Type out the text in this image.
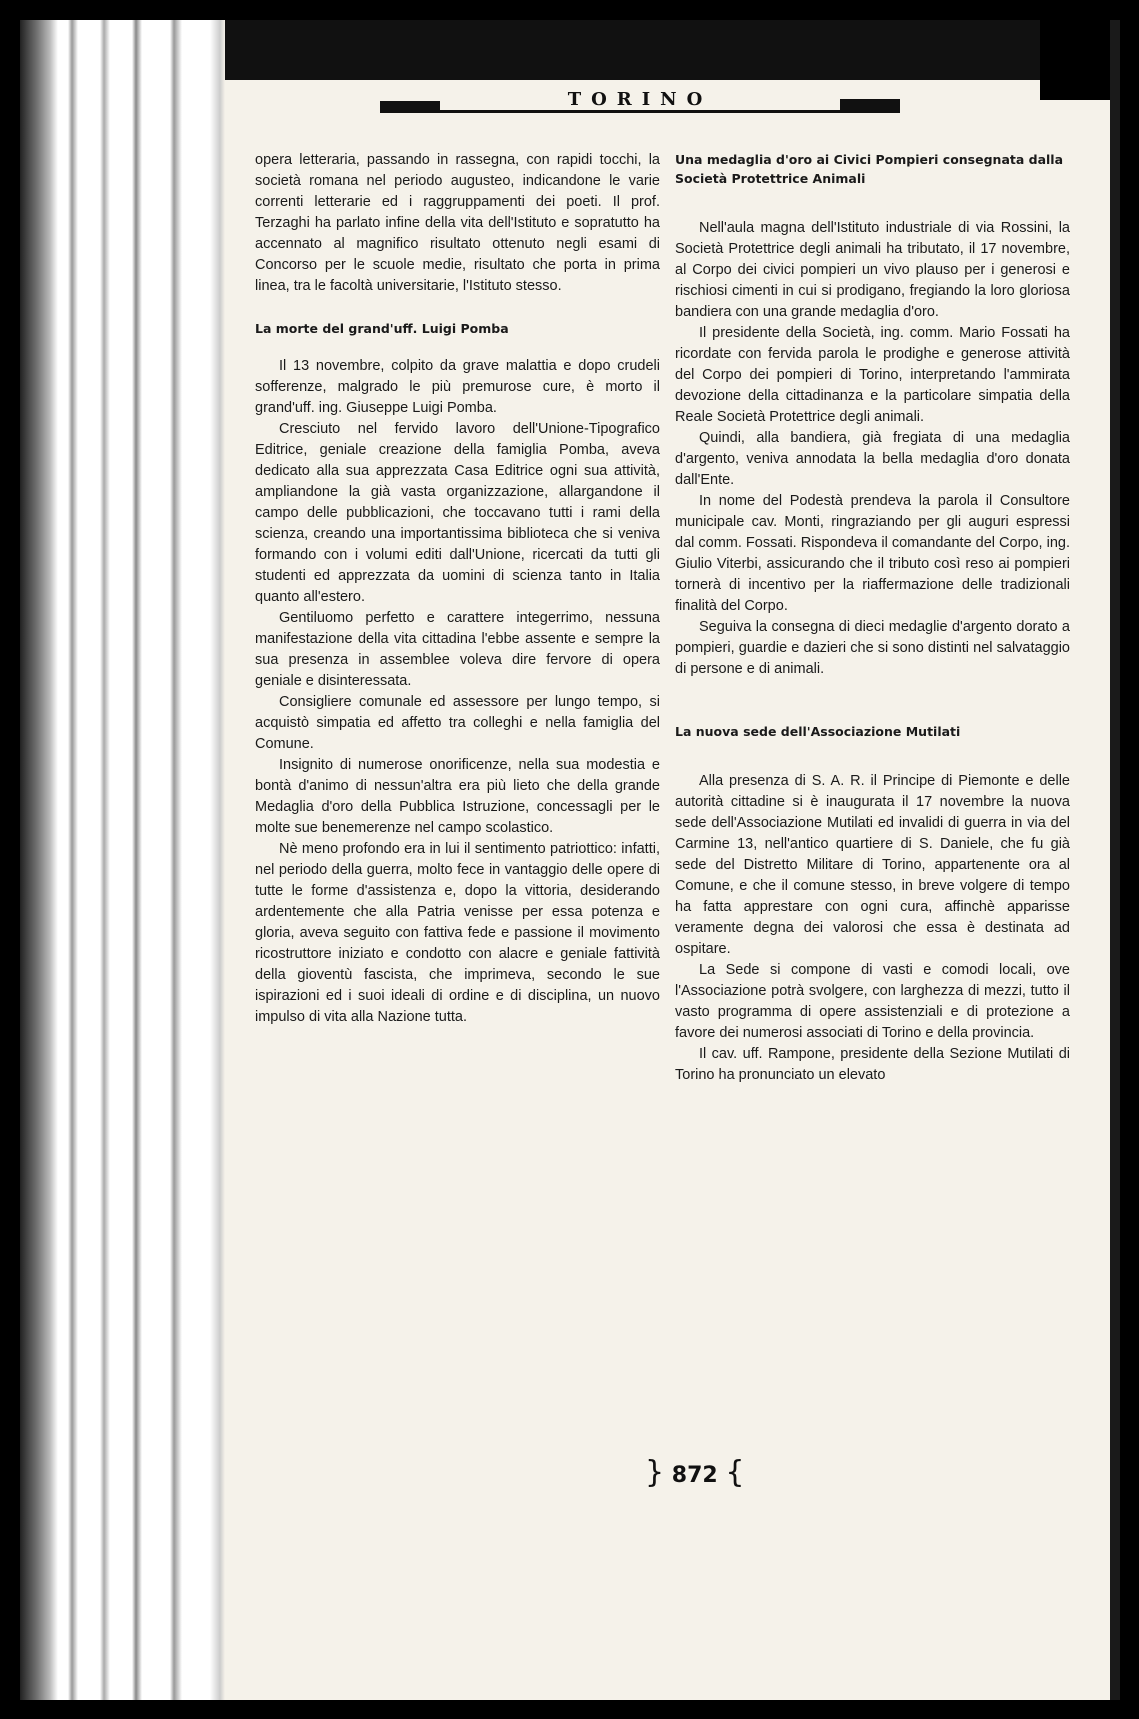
TORINO

opera letteraria, passando in rassegna, con rapidi tocchi, la società romana nel periodo augusteo, indicandone le varie correnti letterarie ed i raggruppamenti dei poeti. Il prof. Terzaghi ha parlato infine della vita dell'Istituto e sopratutto ha accennato al magnifico risultato ottenuto negli esami di Concorso per le scuole medie, risultato che porta in prima linea, tra le facoltà universitarie, l'Istituto stesso.

La morte del grand'uff. Luigi Pomba

Il 13 novembre, colpito da grave malattia e dopo crudeli sofferenze, malgrado le più premurose cure, è morto il grand'uff. ing. Giuseppe Luigi Pomba.

Cresciuto nel fervido lavoro dell'Unione-Tipografico Editrice, geniale creazione della famiglia Pomba, aveva dedicato alla sua apprezzata Casa Editrice ogni sua attività, ampliandone la già vasta organizzazione, allargandone il campo delle pubblicazioni, che toccavano tutti i rami della scienza, creando una importantissima biblioteca che si veniva formando con i volumi editi dall'Unione, ricercati da tutti gli studenti ed apprezzata da uomini di scienza tanto in Italia quanto all'estero.

Gentiluomo perfetto e carattere integerrimo, nessuna manifestazione della vita cittadina l'ebbe assente e sempre la sua presenza in assemblee voleva dire fervore di opera geniale e disinteressata.

Consigliere comunale ed assessore per lungo tempo, si acquistò simpatia ed affetto tra colleghi e nella famiglia del Comune.

Insignito di numerose onorificenze, nella sua modestia e bontà d'animo di nessun'altra era più lieto che della grande Medaglia d'oro della Pubblica Istruzione, concessagli per le molte sue benemerenze nel campo scolastico.

Nè meno profondo era in lui il sentimento patriottico: infatti, nel periodo della guerra, molto fece in vantaggio delle opere di tutte le forme d'assistenza e, dopo la vittoria, desiderando ardentemente che alla Patria venisse per essa potenza e gloria, aveva seguito con fattiva fede e passione il movimento ricostruttore iniziato e condotto con alacre e geniale fattività della gioventù fascista, che imprimeva, secondo le sue ispirazioni ed i suoi ideali di ordine e di disciplina, un nuovo impulso di vita alla Nazione tutta.

Una medaglia d'oro ai Civici Pompieri consegnata dalla Società Protettrice Animali

Nell'aula magna dell'Istituto industriale di via Rossini, la Società Protettrice degli animali ha tributato, il 17 novembre, al Corpo dei civici pompieri un vivo plauso per i generosi e rischiosi cimenti in cui si prodigano, fregiando la loro gloriosa bandiera con una grande medaglia d'oro.

Il presidente della Società, ing. comm. Mario Fossati ha ricordate con fervida parola le prodighe e generose attività del Corpo dei pompieri di Torino, interpretando l'ammirata devozione della cittadinanza e la particolare simpatia della Reale Società Protettrice degli animali.

Quindi, alla bandiera, già fregiata di una medaglia d'argento, veniva annodata la bella medaglia d'oro donata dall'Ente.

In nome del Podestà prendeva la parola il Consultore municipale cav. Monti, ringraziando per gli auguri espressi dal comm. Fossati. Rispondeva il comandante del Corpo, ing. Giulio Viterbi, assicurando che il tributo così reso ai pompieri tornerà di incentivo per la riaffermazione delle tradizionali finalità del Corpo.

Seguiva la consegna di dieci medaglie d'argento dorato a pompieri, guardie e dazieri che si sono distinti nel salvataggio di persone e di animali.

La nuova sede dell'Associazione Mutilati

Alla presenza di S. A. R. il Principe di Piemonte e delle autorità cittadine si è inaugurata il 17 novembre la nuova sede dell'Associazione Mutilati ed invalidi di guerra in via del Carmine 13, nell'antico quartiere di S. Daniele, che fu già sede del Distretto Militare di Torino, appartenente ora al Comune, e che il comune stesso, in breve volgere di tempo ha fatta apprestare con ogni cura, affinchè apparisse veramente degna dei valorosi che essa è destinata ad ospitare.

La Sede si compone di vasti e comodi locali, ove l'Associazione potrà svolgere, con larghezza di mezzi, tutto il vasto programma di opere assistenziali e di protezione a favore dei numerosi associati di Torino e della provincia.

Il cav. uff. Rampone, presidente della Sezione Mutilati di Torino ha pronunciato un elevato

} 872 {
